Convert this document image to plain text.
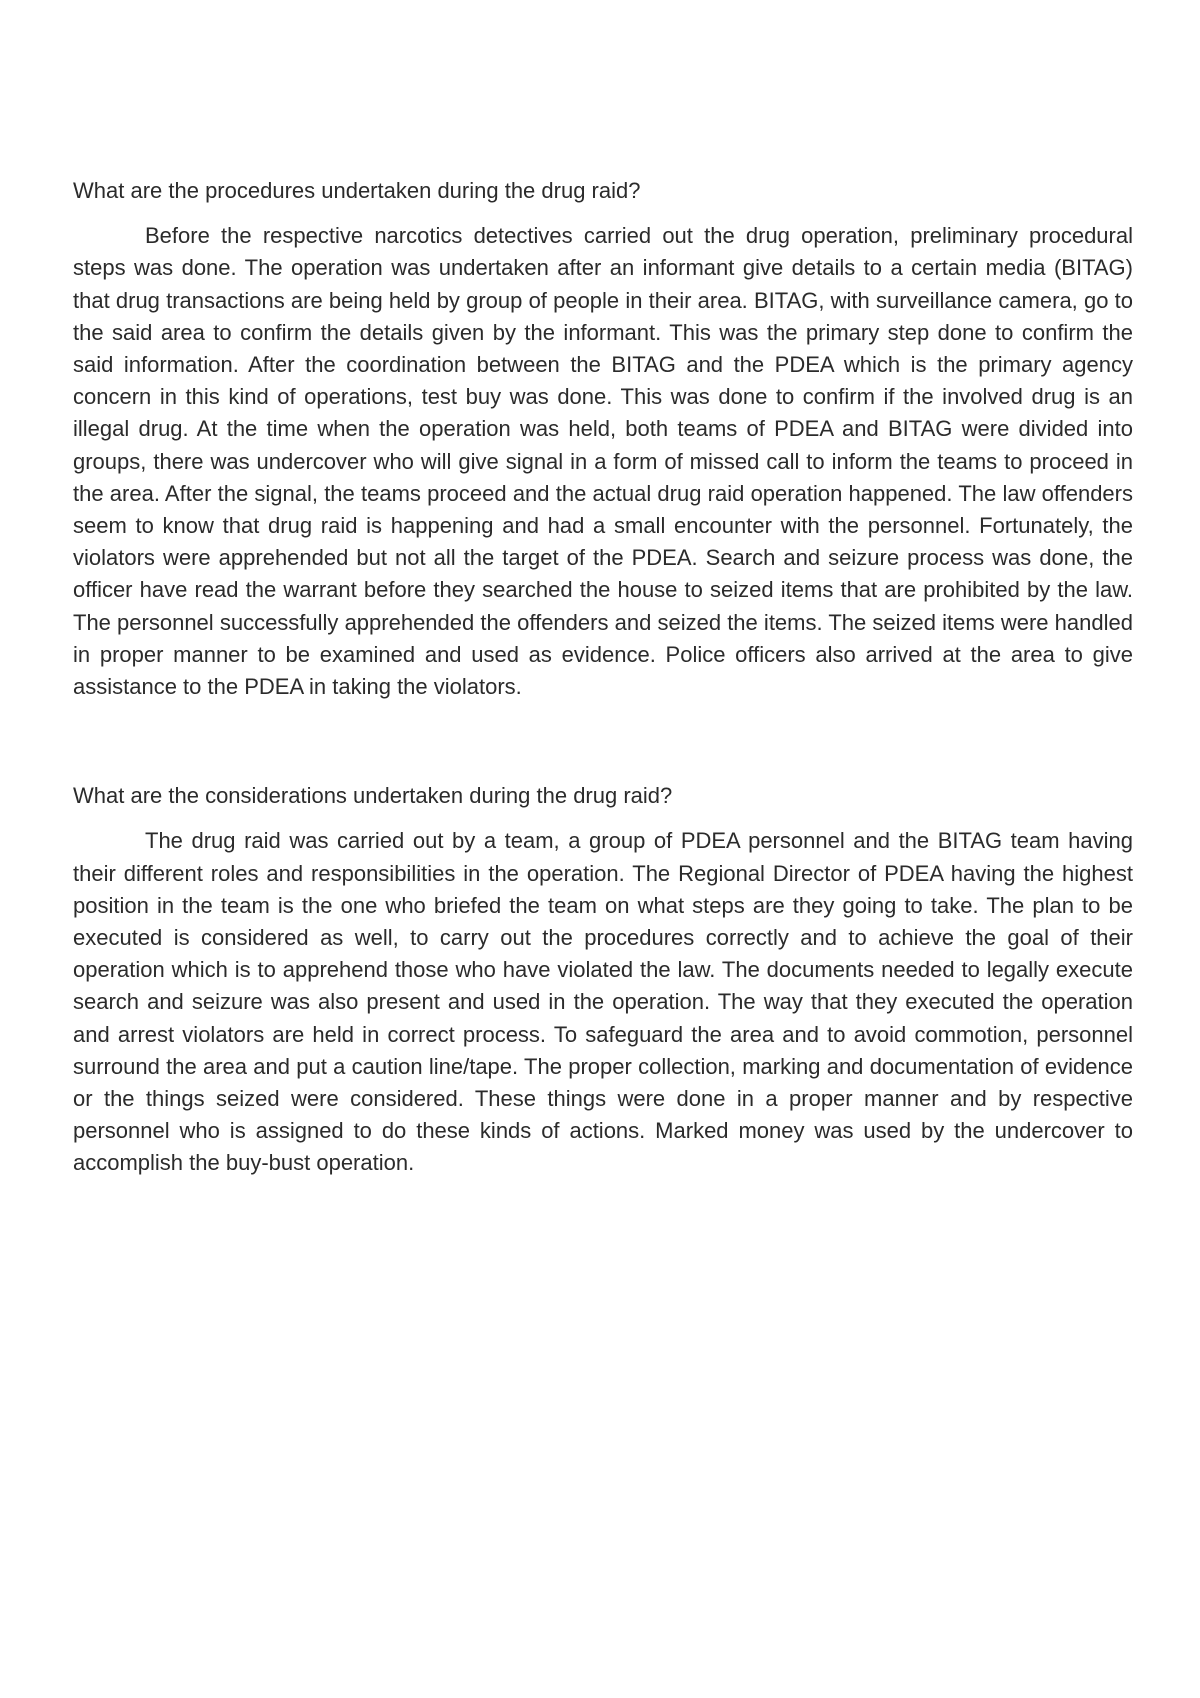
What are the procedures undertaken during the drug raid?

Before the respective narcotics detectives carried out the drug operation, preliminary procedural steps was done. The operation was undertaken after an informant give details to a certain media (BITAG) that drug transactions are being held by group of people in their area. BITAG, with surveillance camera, go to the said area to confirm the details given by the informant. This was the primary step done to confirm the said information. After the coordination between the BITAG and the PDEA which is the primary agency concern in this kind of operations, test buy was done. This was done to confirm if the involved drug is an illegal drug. At the time when the operation was held, both teams of PDEA and BITAG were divided into groups, there was undercover who will give signal in a form of missed call to inform the teams to proceed in the area. After the signal, the teams proceed and the actual drug raid operation happened. The law offenders seem to know that drug raid is happening and had a small encounter with the personnel. Fortunately, the violators were apprehended but not all the target of the PDEA. Search and seizure process was done, the officer have read the warrant before they searched the house to seized items that are prohibited by the law. The personnel successfully apprehended the offenders and seized the items. The seized items were handled in proper manner to be examined and used as evidence. Police officers also arrived at the area to give assistance to the PDEA in taking the violators.

What are the considerations undertaken during the drug raid?

The drug raid was carried out by a team, a group of PDEA personnel and the BITAG team having their different roles and responsibilities in the operation. The Regional Director of PDEA having the highest position in the team is the one who briefed the team on what steps are they going to take. The plan to be executed is considered as well, to carry out the procedures correctly and to achieve the goal of their operation which is to apprehend those who have violated the law. The documents needed to legally execute search and seizure was also present and used in the operation. The way that they executed the operation and arrest violators are held in correct process. To safeguard the area and to avoid commotion, personnel surround the area and put a caution line/tape. The proper collection, marking and documentation of evidence or the things seized were considered. These things were done in a proper manner and by respective personnel who is assigned to do these kinds of actions. Marked money was used by the undercover to accomplish the buy-bust operation.
